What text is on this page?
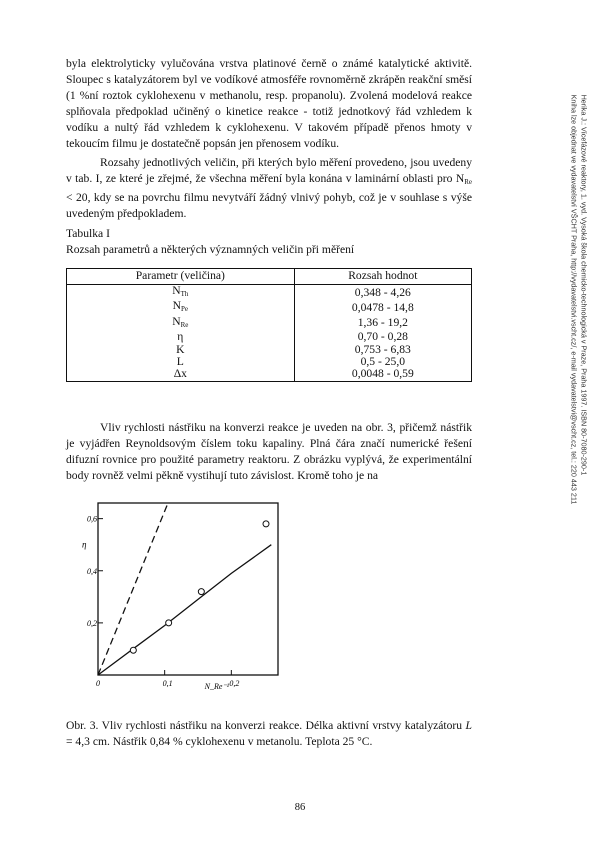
byla elektrolyticky vylučována vrstva platinové černě o známé katalytické aktivitě. Sloupec s katalyzátorem byl ve vodíkové atmosféře rovnoměrně zkrápěn reakční směsí (1 %ní roztok cyklohexenu v methanolu, resp. propanolu). Zvolená modelová reakce splňovala předpoklad učiněný o kinetice reakce - totiž jednotkový řád vzhledem k vodíku a nultý řád vzhledem k cyklohexenu. V takovém případě přenos hmoty v tekoucím filmu je dostatečně popsán jen přenosem vodíku.

Rozsahy jednotlivých veličin, při kterých bylo měření provedeno, jsou uvedeny v tab. I, ze které je zřejmé, že všechna měření byla konána v laminární oblasti pro $N_{Re} < 20$, kdy se na povrchu filmu nevytváří žádný vlnivý pohyb, což je v souhlase s výše uvedeným předpokladem.

Tabulka I
Rozsah parametrů a některých významných veličin při měření
Parametr (veličina)	Rozsah hodnot
$N_{Th}$	0,348 - 4,26
$N_{Pe}$	0,0478 - 14,8
$N_{Re}$	1,36 - 19,2
η	0,70 - 0,28
K	0,753 - 6,83
L	0,5 - 25,0
Δx	0,0048 - 0,59

Vliv rychlosti nástřiku na konverzi reakce je uveden na obr. 3, přičemž nástřik je vyjádřen Reynoldsovým číslem toku kapaliny. Plná čára značí numerické řešení difuzní rovnice pro použité parametry reaktoru. Z obrázku vyplývá, že experimentální body rovněž velmi pěkně vystihují tuto závislost. Kromě toho je na

0	0,1	0,2
0,2
0,4
0,6
η
N_Re⁻¹

Obr. 3. Vliv rychlosti nástřiku na konverzi reakce. Délka aktivní vrstvy katalyzátoru L = 4,3 cm. Nástřik 0,84 % cyklohexenu v metanolu. Teplota 25 °C.

Herika J.: Vícefázové reaktory, 1. vyd. Vysoká škola chemicko-technologická v Praze, Praha 1997. ISBN 80-7080-290-1
Kniha lze objednat ve vydavatelství VŠCHT Praha, http://vydavatelstvi.vscht.cz/, e-mail vydavatelstvi@vscht.cz, tel.: 220 443 211
86
